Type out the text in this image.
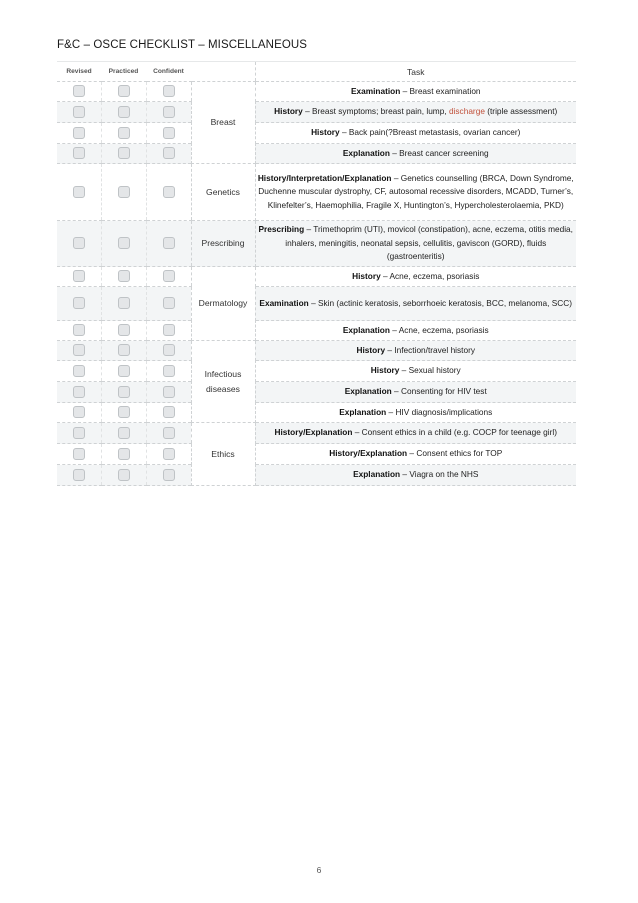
F&C – OSCE CHECKLIST – MISCELLANEOUS
Revised	Practiced	Confident		Task
			Breast	Examination – Breast examination
				History – Breast symptoms; breast pain, lump, discharge (triple assessment)
				History – Back pain(?Breast metastasis, ovarian cancer)
				Explanation – Breast cancer screening
			Genetics	History/Interpretation/Explanation – Genetics counselling (BRCA, Down Syndrome, Duchenne muscular dystrophy, CF, autosomal recessive disorders, MCADD, Turner’s, Klinefelter’s, Haemophilia, Fragile X, Huntington’s, Hypercholesterolaemia, PKD)
			Prescribing	Prescribing – Trimethoprim (UTI), movicol (constipation), acne, eczema, otitis media, inhalers, meningitis, neonatal sepsis, cellulitis, gaviscon (GORD), fluids (gastroenteritis)
			Dermatology	History – Acne, eczema, psoriasis
				Examination – Skin (actinic keratosis, seborrhoeic keratosis, BCC, melanoma, SCC)
				Explanation – Acne, eczema, psoriasis
			Infectious diseases	History – Infection/travel history
				History – Sexual history
				Explanation – Consenting for HIV test
				Explanation – HIV diagnosis/implications
			Ethics	History/Explanation – Consent ethics in a child (e.g. COCP for teenage girl)
				History/Explanation – Consent ethics for TOP
				Explanation – Viagra on the NHS
6
